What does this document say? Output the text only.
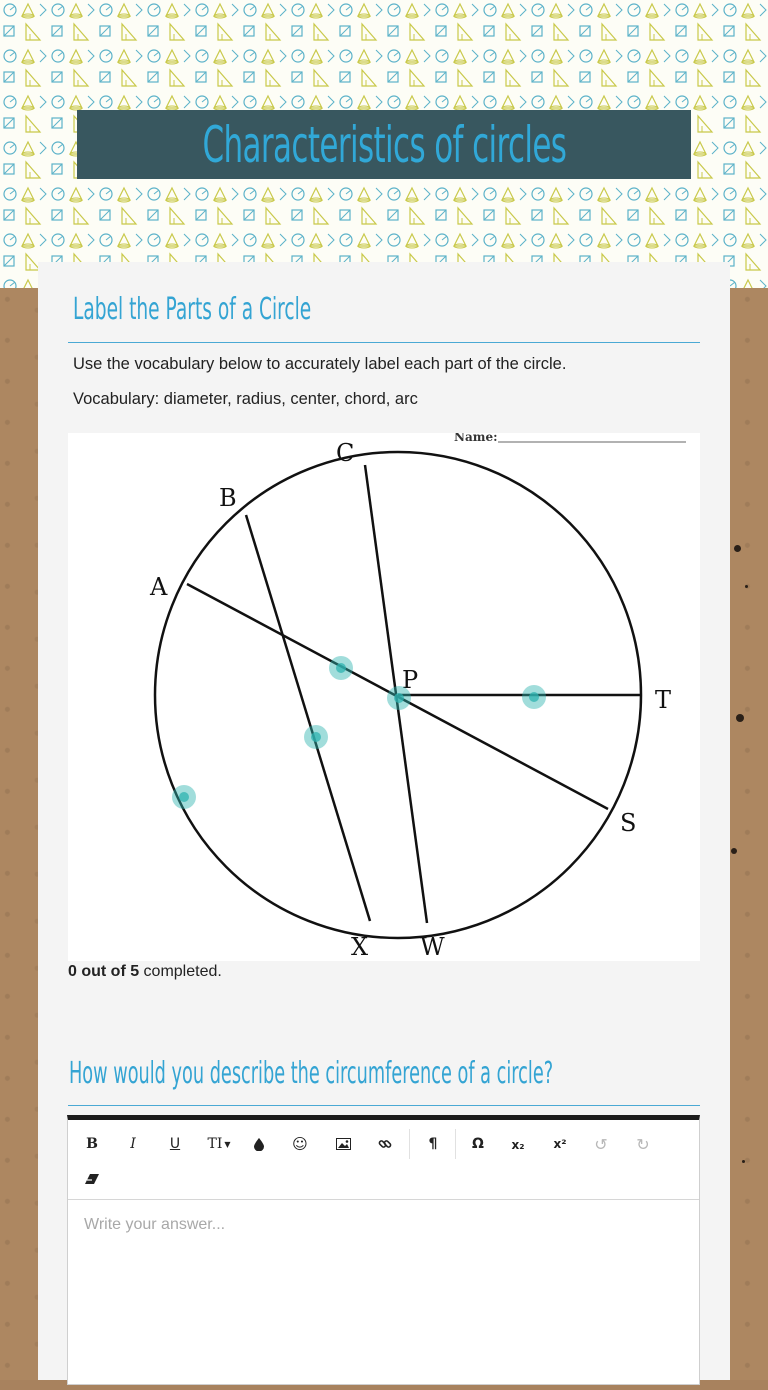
Characteristics of circles
Label the Parts of a Circle
Use the vocabulary below to accurately label each part of the circle.
Vocabulary: diameter, radius, center, chord, arc
Name:
A
B
C
P
T
S
X W
0 out of 5 completed.
How would you describe the circumference of a circle?
B	I	U	TI ▼	☺	¶	Ω	x₂	x²	↺	↻
Write your answer...
